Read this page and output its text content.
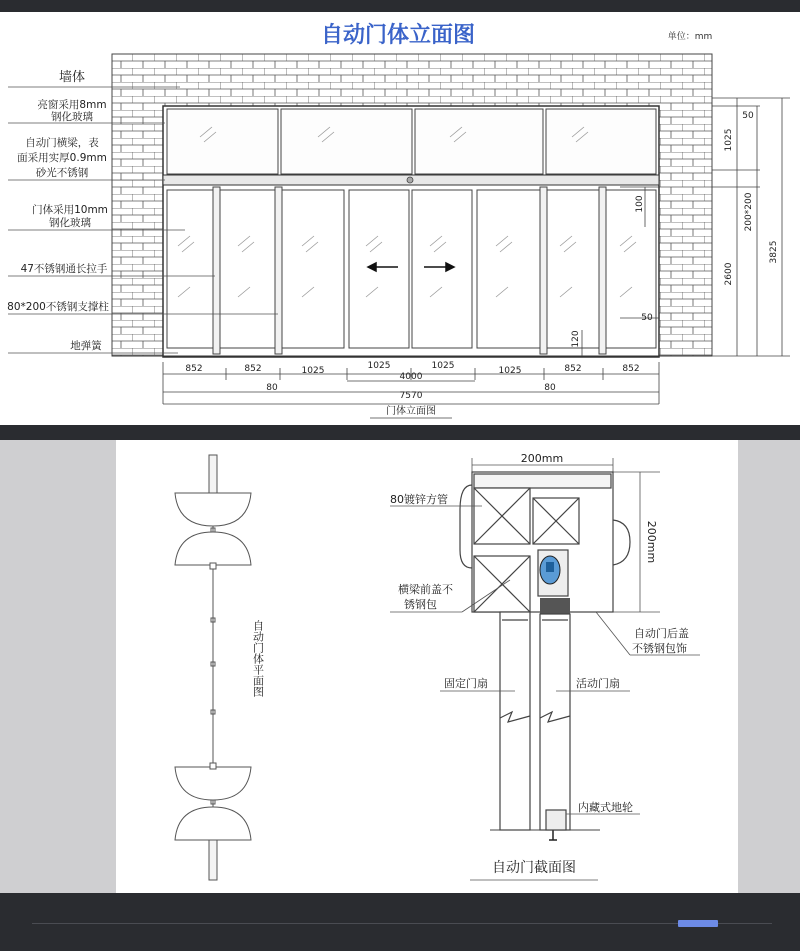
自动门体立面图	单位：mm
墙体
亮窗采用8mm
钢化玻璃
自动门横梁，表
面采用实厚0.9mm
砂光不锈钢
门体采用10mm
钢化玻璃
47不锈钢通长拉手
80*200不锈钢支撑柱
地弹簧
852	852	1025	1025	1025	1025	852	852
4000
80	80
7570
门体立面图
50
1025
200*200
2600
3825
100
120
50
自动门体平面图
200mm
200mm
80镀锌方管
横梁前盖不
锈钢包
自动门后盖
不锈钢包饰
固定门扇	活动门扇
内藏式地轮
自动门截面图
